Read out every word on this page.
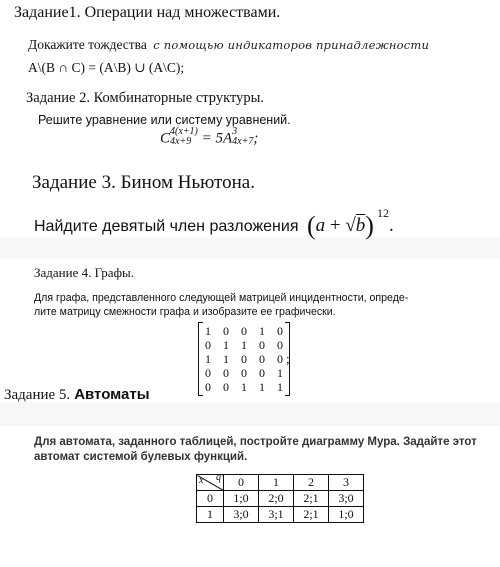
Задание1. Операции над множествами.
Докажите тождества с помощью индикаторов принадлежности
A\(B ∩ C) = (A\B) ∪ (A\C);
Задание 2. Комбинаторные структуры.
Решите уравнение или систему уравнений.
C 4(x+1)
4x+9 = 5A 3
4x+7 ;
Задание 3. Бином Ньютона.
Найдите девятый член разложения (a + √b) $^{12}$.
Задание 4. Графы.
Для графа, представленного следующей матрицей инцидентности, опреде-
лите матрицу смежности графа и изобразите ее графически.
1	0	0	1	0
0	1	1	0	0
1	1	0	0	0
0	0	0	0	1
0	0	1	1	1
;
Задание 5. Автоматы
Для автомата, заданного таблицей, постройте диаграмму Мура. Задайте этот
автомат системой булевых функций.
x q	0	1	2	3
0	1;0	2;0	2;1	3;0
1	3;0	3;1	2;1	1;0
